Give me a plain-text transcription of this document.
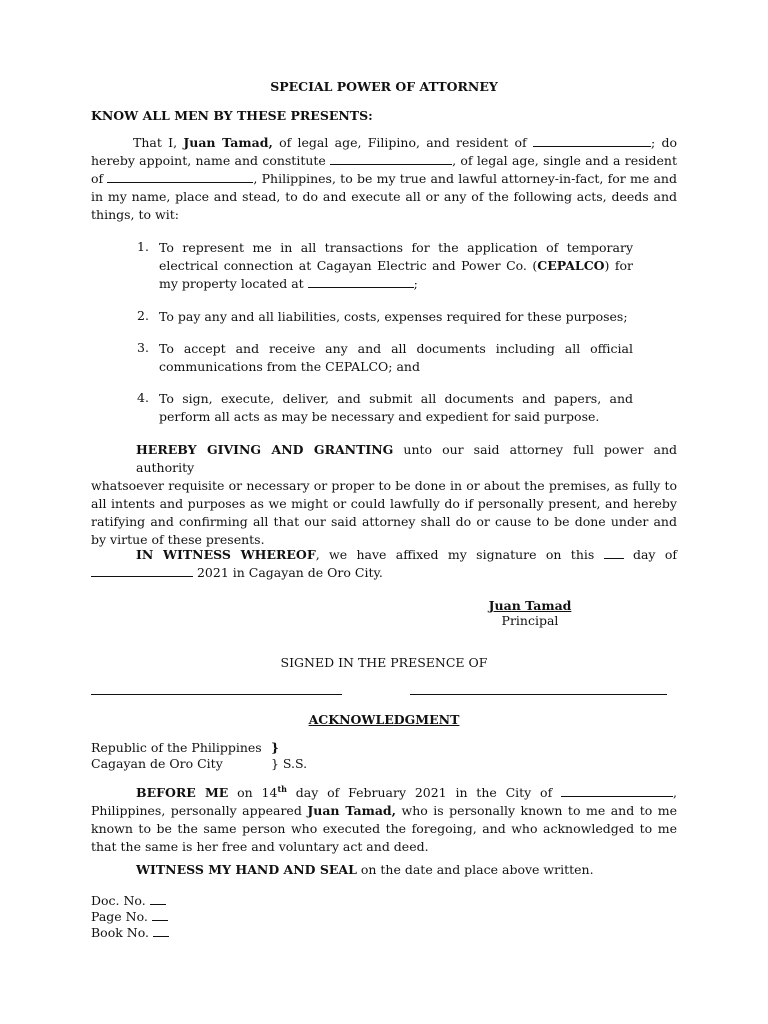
SPECIAL POWER OF ATTORNEY
KNOW ALL MEN BY THESE PRESENTS:
That I, Juan Tamad, of legal age, Filipino, and resident of	; do
hereby appoint, name and constitute	, of legal age, single and a resident
of	, Philippines, to be my true and lawful attorney-in-fact, for me and
in my name, place and stead, to do and execute all or any of the following acts, deeds and
things, to wit:
1. To represent me in all transactions for the application of temporary
electrical connection at Cagayan Electric and Power Co. (CEPALCO) for
my property located at	;
2. To pay any and all liabilities, costs, expenses required for these purposes;
3. To accept and receive any and all documents including all official
communications from the CEPALCO; and
4. To sign, execute, deliver, and submit all documents and papers, and
perform all acts as may be necessary and expedient for said purpose.
HEREBY GIVING AND GRANTING unto our said attorney full power and authority
whatsoever requisite or necessary or proper to be done in or about the premises, as fully to
all intents and purposes as we might or could lawfully do if personally present, and hereby
ratifying and confirming all that our said attorney shall do or cause to be done under and
by virtue of these presents.
IN WITNESS WHEREOF, we have affixed my signature on this  day of
2021 in Cagayan de Oro City.
Juan Tamad
Principal
SIGNED IN THE PRESENCE OF
ACKNOWLEDGMENT
Republic of the Philippines }
Cagayan de Oro City	} S.S.
BEFORE ME on 14th day of February 2021 in the City of	,
Philippines, personally appeared Juan Tamad, who is personally known to me and to me
known to be the same person who executed the foregoing, and who acknowledged to me
that the same is her free and voluntary act and deed.
WITNESS MY HAND AND SEAL on the date and place above written.
Doc. No.
Page No.
Book No.
